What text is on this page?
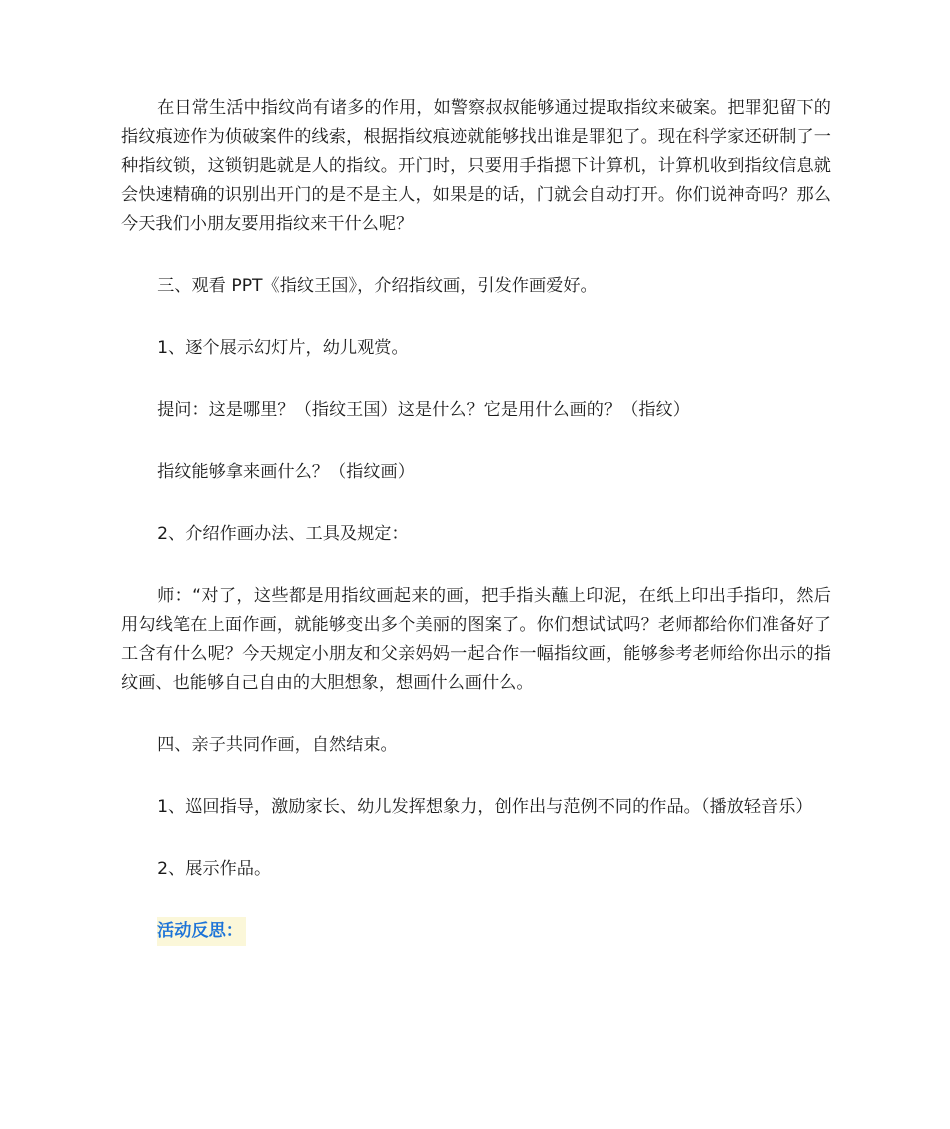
在日常生活中指纹尚有诸多的作用，如警察叔叔能够通过提取指纹来破案。把罪犯留下的指纹痕迹作为侦破案件的线索，根据指纹痕迹就能够找出谁是罪犯了。现在科学家还研制了一种指纹锁，这锁钥匙就是人的指纹。开门时，只要用手指摁下计算机，计算机收到指纹信息就会快速精确的识别出开门的是不是主人，如果是的话，门就会自动打开。你们说神奇吗？那么今天我们小朋友要用指纹来干什么呢？

三、观看 PPT《指纹王国》，介绍指纹画，引发作画爱好。

1、逐个展示幻灯片，幼儿观赏。

提问：这是哪里？（指纹王国）这是什么？它是用什么画的？（指纹）

指纹能够拿来画什么？（指纹画）

2、介绍作画办法、工具及规定：

师：“对了，这些都是用指纹画起来的画，把手指头蘸上印泥，在纸上印出手指印，然后用勾线笔在上面作画，就能够变出多个美丽的图案了。你们想试试吗？老师都给你们准备好了工含有什么呢？今天规定小朋友和父亲妈妈一起合作一幅指纹画，能够参考老师给你出示的指纹画、也能够自己自由的大胆想象，想画什么画什么。

四、亲子共同作画，自然结束。

1、巡回指导，激励家长、幼儿发挥想象力，创作出与范例不同的作品。（播放轻音乐）

2、展示作品。

活动反思：
